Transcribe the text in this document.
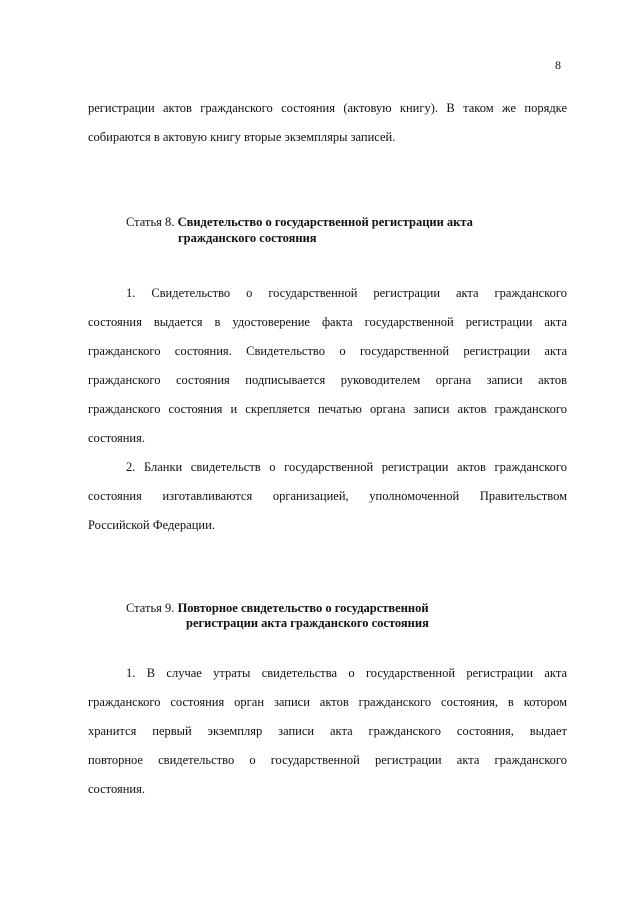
8
регистрации актов гражданского состояния (актовую книгу). В таком же порядке
собираются в актовую книгу вторые экземпляры записей.
Статья 8. Свидетельство о государственной регистрации акта
гражданского состояния
1. Свидетельство о государственной регистрации акта гражданского
состояния выдается в удостоверение факта государственной регистрации акта
гражданского состояния. Свидетельство о государственной регистрации акта
гражданского состояния подписывается руководителем органа записи актов
гражданского состояния и скрепляется печатью органа записи актов гражданского
состояния.
2. Бланки свидетельств о государственной регистрации актов гражданского
состояния изготавливаются организацией, уполномоченной Правительством
Российской Федерации.
Статья 9. Повторное свидетельство о государственной
регистрации акта гражданского состояния
1. В случае утраты свидетельства о государственной регистрации акта
гражданского состояния орган записи актов гражданского состояния, в котором
хранится первый экземпляр записи акта гражданского состояния, выдает
повторное свидетельство о государственной регистрации акта гражданского
состояния.
